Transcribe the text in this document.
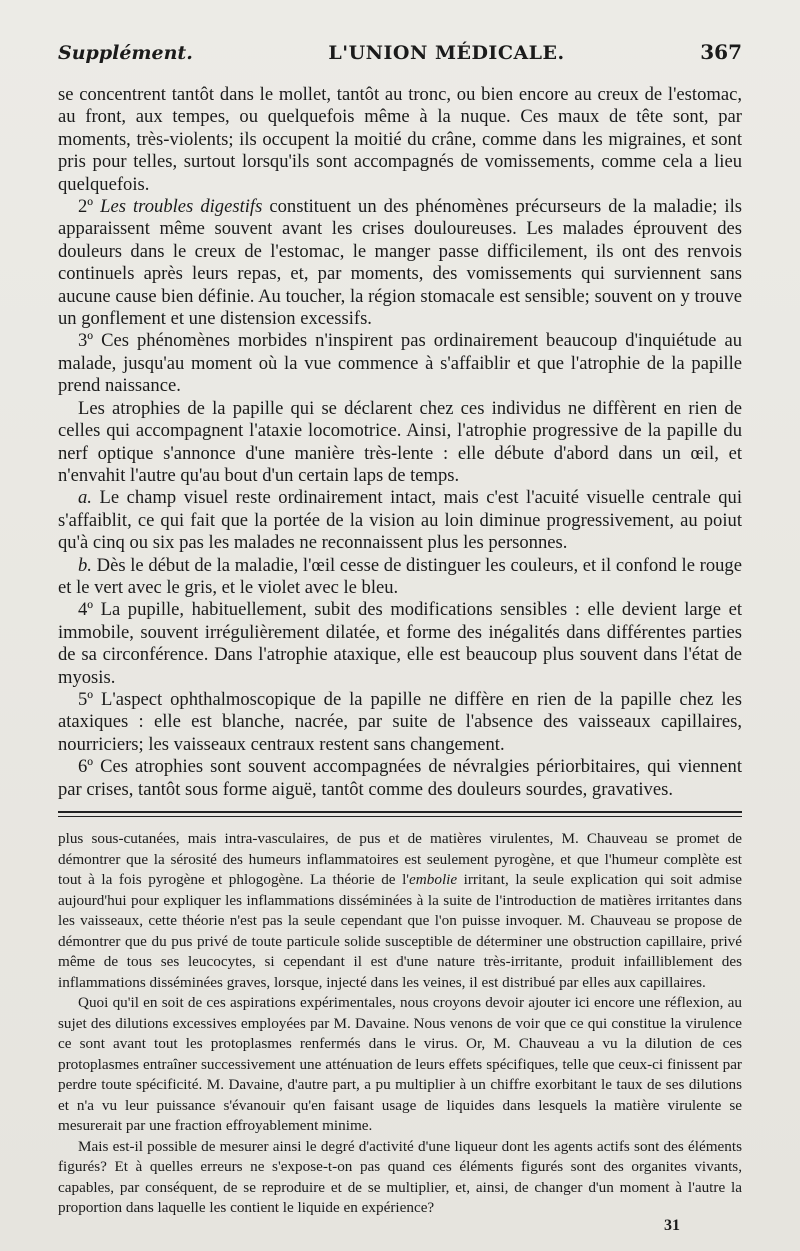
Supplément.	L'UNION MÉDICALE.	367

se concentrent tantôt dans le mollet, tantôt au tronc, ou bien encore au creux de l'estomac, au front, aux tempes, ou quelquefois même à la nuque. Ces maux de tête sont, par moments, très-violents; ils occupent la moitié du crâne, comme dans les migraines, et sont pris pour telles, surtout lorsqu'ils sont accompagnés de vomissements, comme cela a lieu quelquefois.

2º Les troubles digestifs constituent un des phénomènes précurseurs de la maladie; ils apparaissent même souvent avant les crises douloureuses. Les malades éprouvent des douleurs dans le creux de l'estomac, le manger passe difficilement, ils ont des renvois continuels après leurs repas, et, par moments, des vomissements qui surviennent sans aucune cause bien définie. Au toucher, la région stomacale est sensible; souvent on y trouve un gonflement et une distension excessifs.

3º Ces phénomènes morbides n'inspirent pas ordinairement beaucoup d'inquiétude au malade, jusqu'au moment où la vue commence à s'affaiblir et que l'atrophie de la papille prend naissance.

Les atrophies de la papille qui se déclarent chez ces individus ne diffèrent en rien de celles qui accompagnent l'ataxie locomotrice. Ainsi, l'atrophie progressive de la papille du nerf optique s'annonce d'une manière très-lente : elle débute d'abord dans un œil, et n'envahit l'autre qu'au bout d'un certain laps de temps.

a. Le champ visuel reste ordinairement intact, mais c'est l'acuité visuelle centrale qui s'affaiblit, ce qui fait que la portée de la vision au loin diminue progressivement, au poiut qu'à cinq ou six pas les malades ne reconnaissent plus les personnes.

b. Dès le début de la maladie, l'œil cesse de distinguer les couleurs, et il confond le rouge et le vert avec le gris, et le violet avec le bleu.

4º La pupille, habituellement, subit des modifications sensibles : elle devient large et immobile, souvent irrégulièrement dilatée, et forme des inégalités dans différentes parties de sa circonférence. Dans l'atrophie ataxique, elle est beaucoup plus souvent dans l'état de myosis.

5º L'aspect ophthalmoscopique de la papille ne diffère en rien de la papille chez les ataxiques : elle est blanche, nacrée, par suite de l'absence des vaisseaux capillaires, nourriciers; les vaisseaux centraux restent sans changement.

6º Ces atrophies sont souvent accompagnées de névralgies périorbitaires, qui viennent par crises, tantôt sous forme aiguë, tantôt comme des douleurs sourdes, gravatives.

plus sous-cutanées, mais intra-vasculaires, de pus et de matières virulentes, M. Chauveau se promet de démontrer que la sérosité des humeurs inflammatoires est seulement pyrogène, et que l'humeur complète est tout à la fois pyrogène et phlogogène. La théorie de l'embolie irritant, la seule explication qui soit admise aujourd'hui pour expliquer les inflammations disséminées à la suite de l'introduction de matières irritantes dans les vaisseaux, cette théorie n'est pas la seule cependant que l'on puisse invoquer. M. Chauveau se propose de démontrer que du pus privé de toute particule solide susceptible de déterminer une obstruction capillaire, privé même de tous ses leucocytes, si cependant il est d'une nature très-irritante, produit infailliblement des inflammations disséminées graves, lorsque, injecté dans les veines, il est distribué par elles aux capillaires.

Quoi qu'il en soit de ces aspirations expérimentales, nous croyons devoir ajouter ici encore une réflexion, au sujet des dilutions excessives employées par M. Davaine. Nous venons de voir que ce qui constitue la virulence ce sont avant tout les protoplasmes renfermés dans le virus. Or, M. Chauveau a vu la dilution de ces protoplasmes entraîner successivement une atténuation de leurs effets spécifiques, telle que ceux-ci finissent par perdre toute spécificité. M. Davaine, d'autre part, a pu multiplier à un chiffre exorbitant le taux de ses dilutions et n'a vu leur puissance s'évanouir qu'en faisant usage de liquides dans lesquels la matière virulente se mesurerait par une fraction effroyablement minime.

Mais est-il possible de mesurer ainsi le degré d'activité d'une liqueur dont les agents actifs sont des éléments figurés? Et à quelles erreurs ne s'expose-t-on pas quand ces éléments figurés sont des organites vivants, capables, par conséquent, de se reproduire et de se multiplier, et, ainsi, de changer d'un moment à l'autre la proportion dans laquelle les contient le liquide en expérience?

31
